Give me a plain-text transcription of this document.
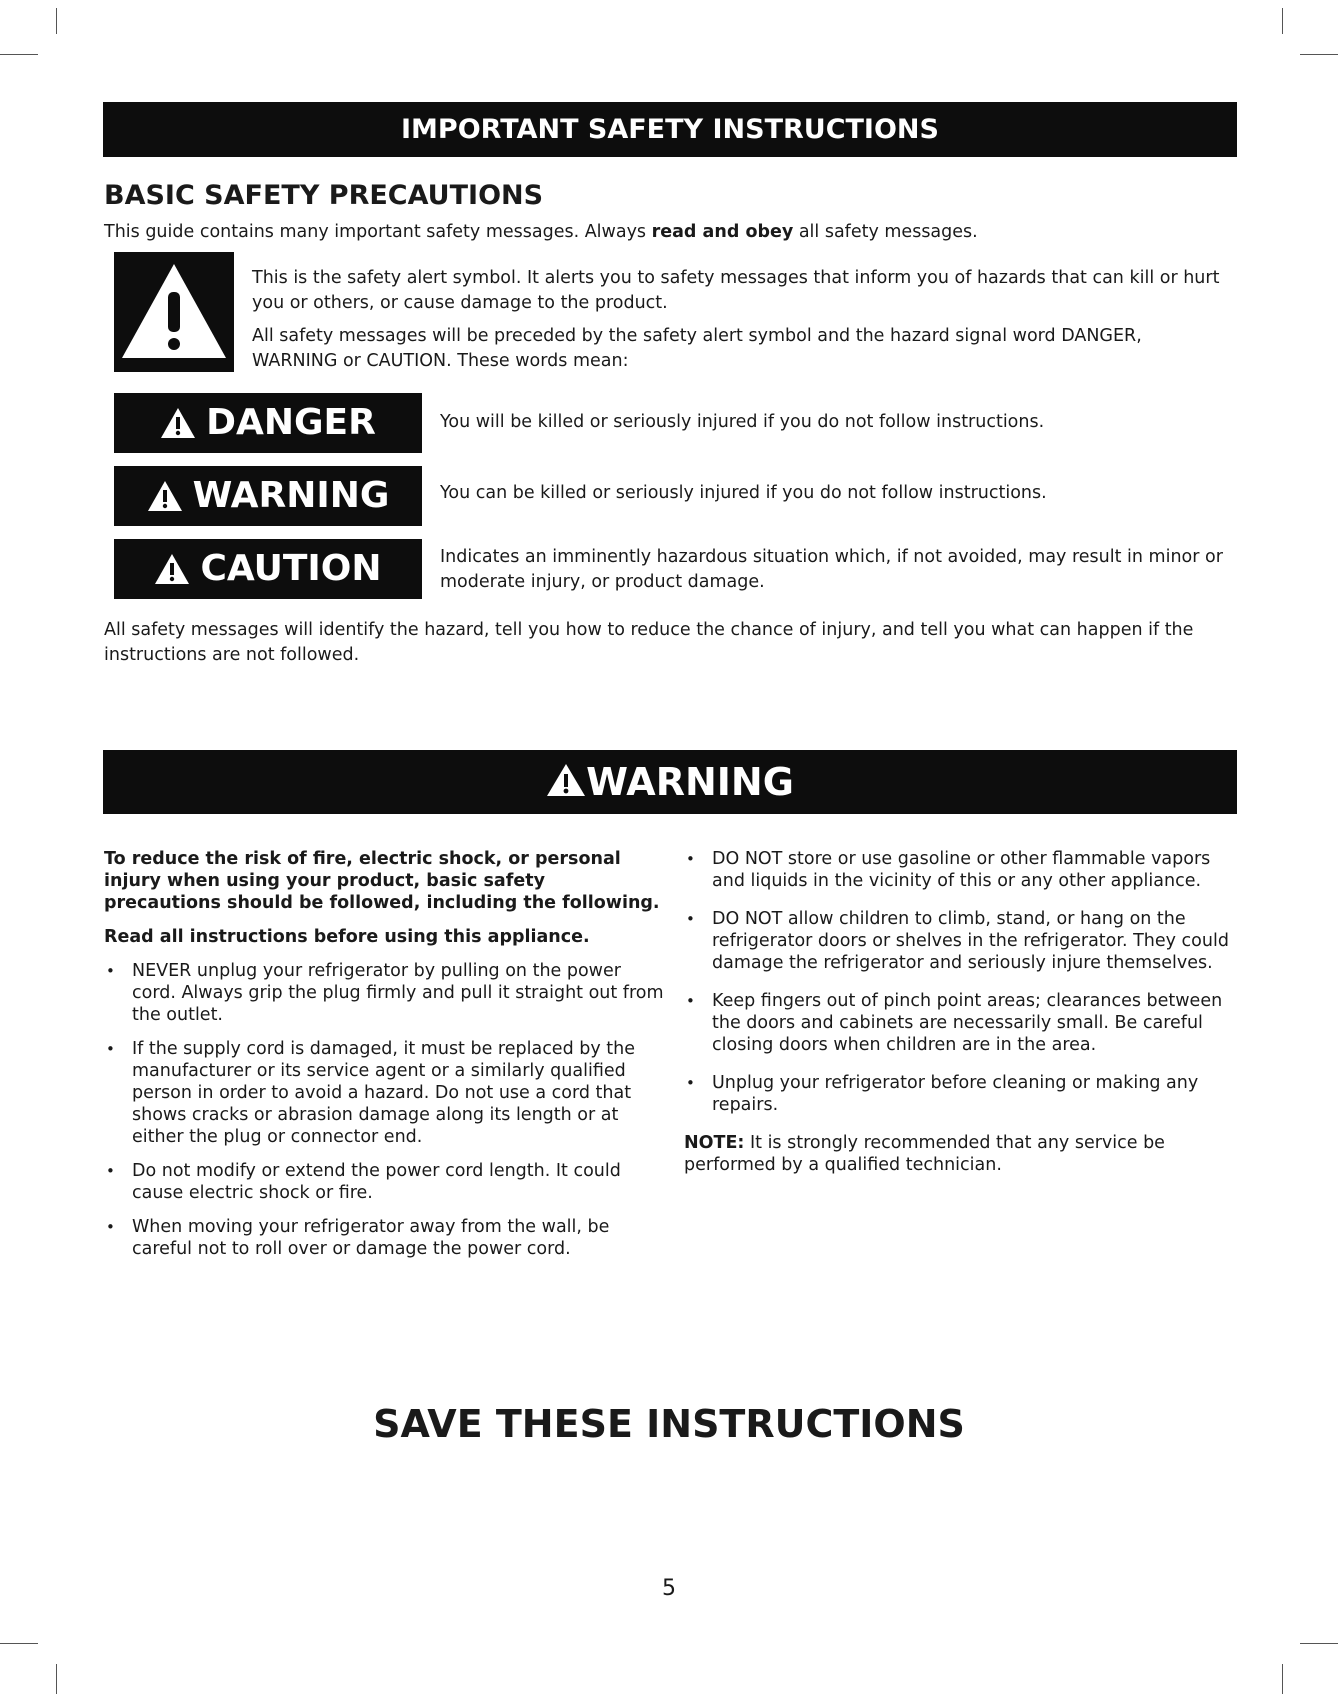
IMPORTANT SAFETY INSTRUCTIONS
BASIC SAFETY PRECAUTIONS
This guide contains many important safety messages. Always read and obey all safety messages.

This is the safety alert symbol. It alerts you to safety messages that inform you of hazards that can kill or hurt you or others, or cause damage to the product.

All safety messages will be preceded by the safety alert symbol and the hazard signal word DANGER, WARNING or CAUTION. These words mean:

DANGER	You will be killed or seriously injured if you do not follow instructions.
WARNING	You can be killed or seriously injured if you do not follow instructions.
CAUTION	Indicates an imminently hazardous situation which, if not avoided, may result in minor or moderate injury, or product damage.
All safety messages will identify the hazard, tell you how to reduce the chance of injury, and tell you what can happen if the instructions are not followed.
WARNING

To reduce the risk of fire, electric shock, or personal injury when using your product, basic safety precautions should be followed, including the following.

Read all instructions before using this appliance.

• NEVER unplug your refrigerator by pulling on the power cord. Always grip the plug firmly and pull it straight out from the outlet.
• If the supply cord is damaged, it must be replaced by the manufacturer or its service agent or a similarly qualified person in order to avoid a hazard. Do not use a cord that shows cracks or abrasion damage along its length or at either the plug or connector end.
• Do not modify or extend the power cord length. It could cause electric shock or fire.
• When moving your refrigerator away from the wall, be careful not to roll over or damage the power cord.
• DO NOT store or use gasoline or other flammable vapors and liquids in the vicinity of this or any other appliance.
• DO NOT allow children to climb, stand, or hang on the refrigerator doors or shelves in the refrigerator. They could damage the refrigerator and seriously injure themselves.
• Keep fingers out of pinch point areas; clearances between the doors and cabinets are necessarily small. Be careful closing doors when children are in the area.
• Unplug your refrigerator before cleaning or making any repairs.

NOTE: It is strongly recommended that any service be performed by a qualified technician.

SAVE THESE INSTRUCTIONS
5
